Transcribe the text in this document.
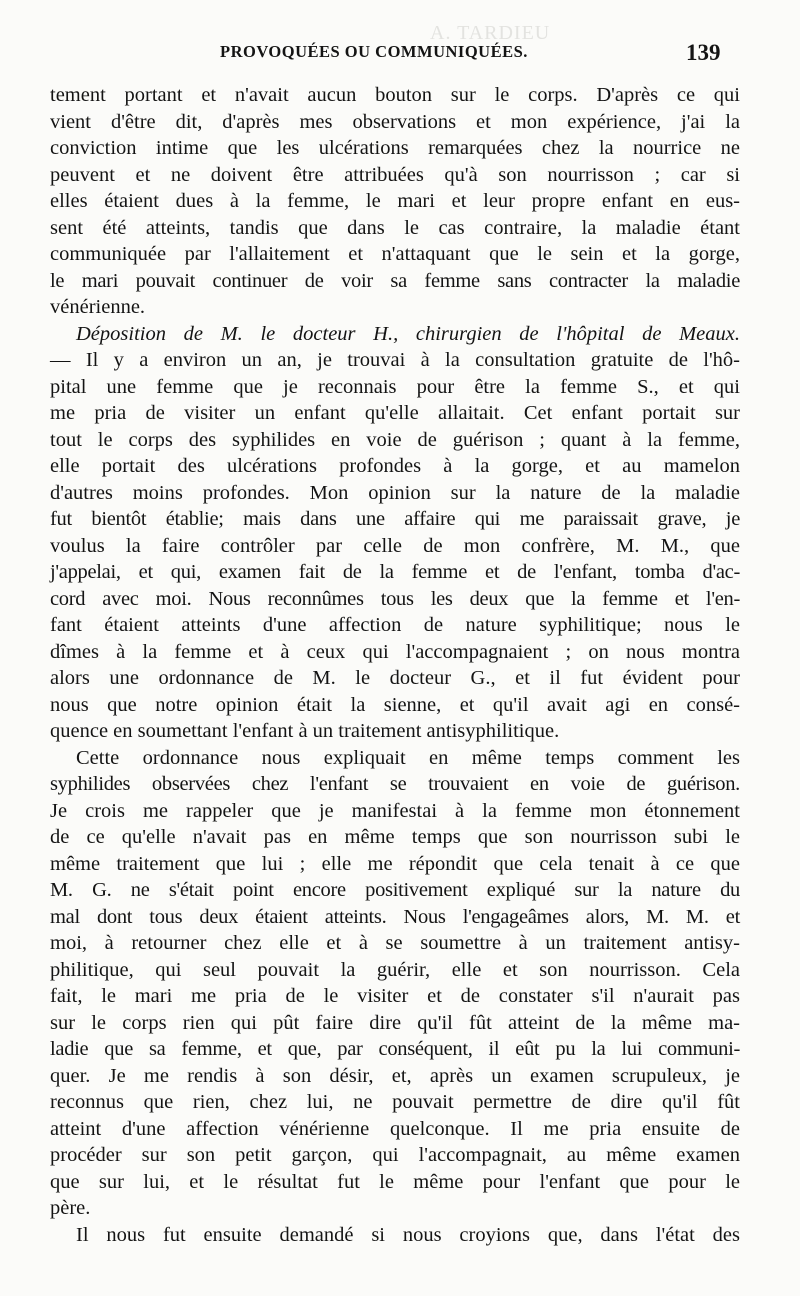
A. TARDIEU
PROVOQUÉES OU COMMUNIQUÉES.	139
tement portant et n'avait aucun bouton sur le corps. D'après ce qui
vient d'être dit, d'après mes observations et mon expérience, j'ai la
conviction intime que les ulcérations remarquées chez la nourrice ne
peuvent et ne doivent être attribuées qu'à son nourrisson ; car si
elles étaient dues à la femme, le mari et leur propre enfant en eus-
sent été atteints, tandis que dans le cas contraire, la maladie étant
communiquée par l'allaitement et n'attaquant que le sein et la gorge,
le mari pouvait continuer de voir sa femme sans contracter la maladie
vénérienne.
Déposition de M. le docteur H., chirurgien de l'hôpital de Meaux.
— Il y a environ un an, je trouvai à la consultation gratuite de l'hô-
pital une femme que je reconnais pour être la femme S., et qui
me pria de visiter un enfant qu'elle allaitait. Cet enfant portait sur
tout le corps des syphilides en voie de guérison ; quant à la femme,
elle portait des ulcérations profondes à la gorge, et au mamelon
d'autres moins profondes. Mon opinion sur la nature de la maladie
fut bientôt établie; mais dans une affaire qui me paraissait grave, je
voulus la faire contrôler par celle de mon confrère, M. M., que
j'appelai, et qui, examen fait de la femme et de l'enfant, tomba d'ac-
cord avec moi. Nous reconnûmes tous les deux que la femme et l'en-
fant étaient atteints d'une affection de nature syphilitique; nous le
dîmes à la femme et à ceux qui l'accompagnaient ; on nous montra
alors une ordonnance de M. le docteur G., et il fut évident pour
nous que notre opinion était la sienne, et qu'il avait agi en consé-
quence en soumettant l'enfant à un traitement antisyphilitique.
Cette ordonnance nous expliquait en même temps comment les
syphilides observées chez l'enfant se trouvaient en voie de guérison.
Je crois me rappeler que je manifestai à la femme mon étonnement
de ce qu'elle n'avait pas en même temps que son nourrisson subi le
même traitement que lui ; elle me répondit que cela tenait à ce que
M. G. ne s'était point encore positivement expliqué sur la nature du
mal dont tous deux étaient atteints. Nous l'engageâmes alors, M. M. et
moi, à retourner chez elle et à se soumettre à un traitement antisy-
philitique, qui seul pouvait la guérir, elle et son nourrisson. Cela
fait, le mari me pria de le visiter et de constater s'il n'aurait pas
sur le corps rien qui pût faire dire qu'il fût atteint de la même ma-
ladie que sa femme, et que, par conséquent, il eût pu la lui communi-
quer. Je me rendis à son désir, et, après un examen scrupuleux, je
reconnus que rien, chez lui, ne pouvait permettre de dire qu'il fût
atteint d'une affection vénérienne quelconque. Il me pria ensuite de
procéder sur son petit garçon, qui l'accompagnait, au même examen
que sur lui, et le résultat fut le même pour l'enfant que pour le
père.
Il nous fut ensuite demandé si nous croyions que, dans l'état des
